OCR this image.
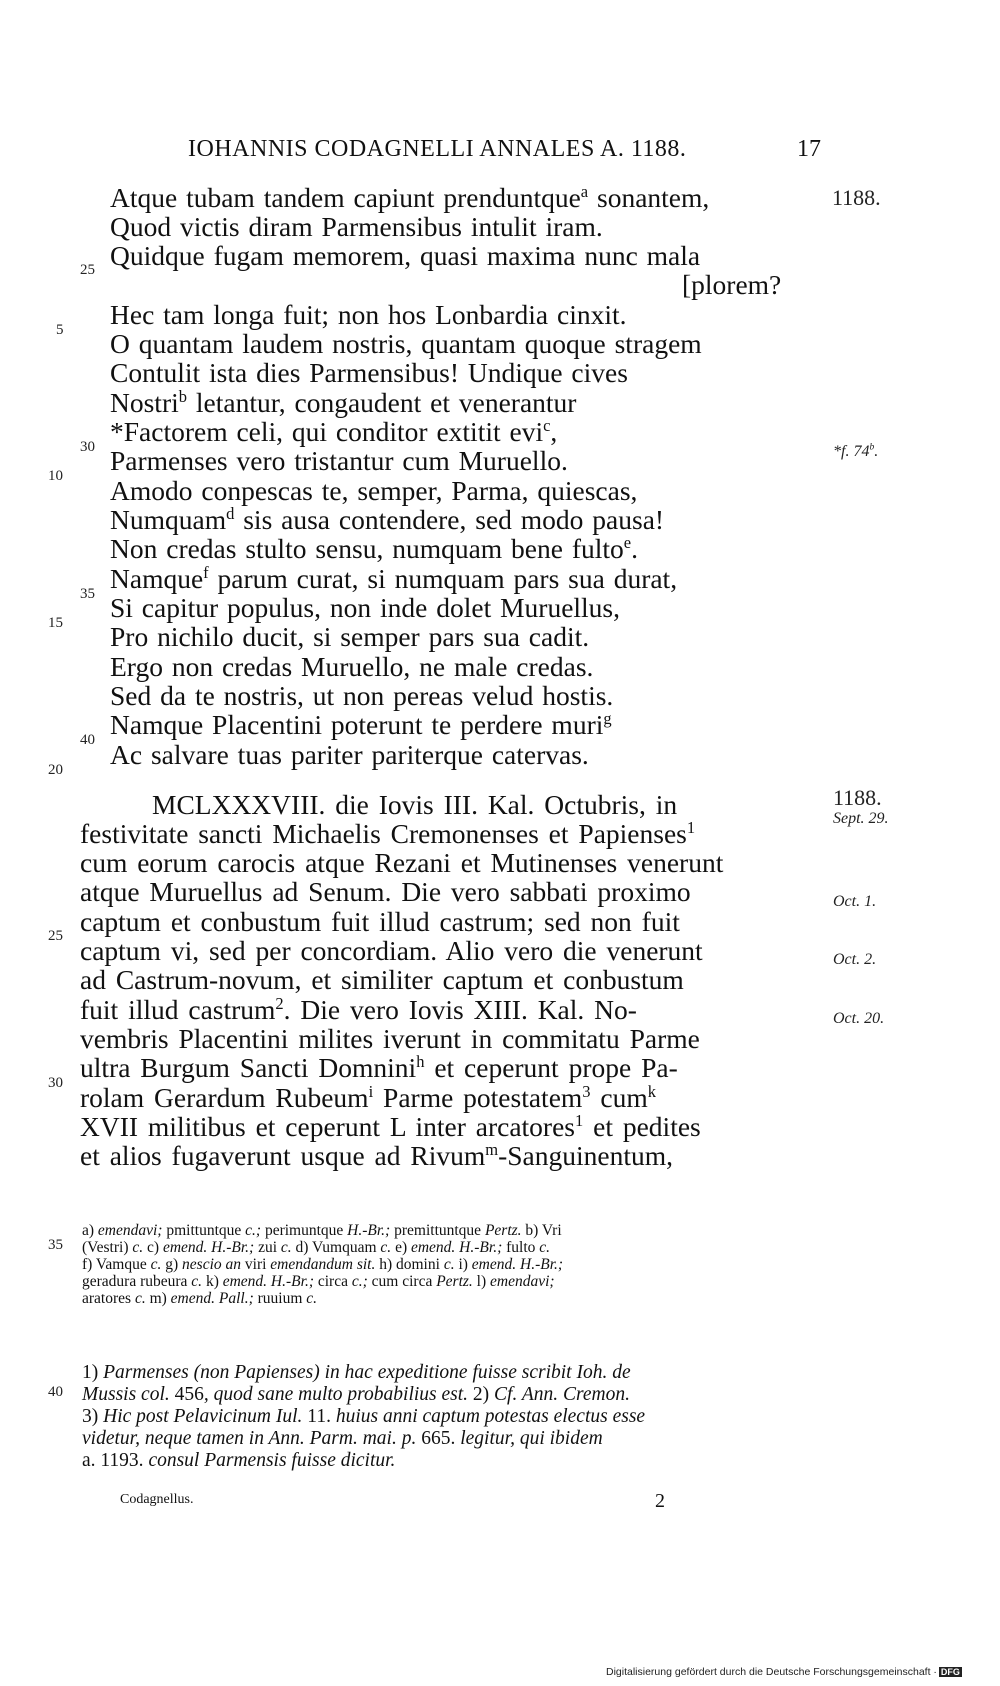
IOHANNIS CODAGNELLI ANNALES A. 1188.	17
Atque tubam tandem capiunt prenduntque$^a$ sonantem,
Quod victis diram Parmensibus intulit iram.
Quidque fugam memorem, quasi maxima nunc mala
[plorem?
Hec tam longa fuit; non hos Lonbardia cinxit.
O quantam laudem nostris, quantam quoque stragem
Contulit ista dies Parmensibus! Undique cives
Nostri$^b$ letantur, congaudent et venerantur
*Factorem celi, qui conditor extitit evi$^c$,
Parmenses vero tristantur cum Muruello.
Amodo conpescas te, semper, Parma, quiescas,
Numquam$^d$ sis ausa contendere, sed modo pausa!
Non credas stulto sensu, numquam bene fulto$^e$.
Namque$^f$ parum curat, si numquam pars sua durat,
Si capitur populus, non inde dolet Muruellus,
Pro nichilo ducit, si semper pars sua cadit.
Ergo non credas Muruello, ne male credas.
Sed da te nostris, ut non pereas velud hostis.
Namque Placentini poterunt te perdere muri$^g$
Ac salvare tuas pariter pariterque catervas.
MCLXXXVIII. die Iovis III. Kal. Octubris, in
festivitate sancti Michaelis Cremonenses et Papienses$^1$
cum eorum carocis atque Rezani et Mutinenses venerunt
atque Muruellus ad Senum. Die vero sabbati proximo
captum et conbustum fuit illud castrum; sed non fuit
captum vi, sed per concordiam. Alio vero die venerunt
ad Castrum-novum, et similiter captum et conbustum
fuit illud castrum$^2$. Die vero Iovis XIII. Kal. No-
vembris Placentini milites iverunt in commitatu Parme
ultra Burgum Sancti Domnini$^h$ et ceperunt prope Pa-
rolam Gerardum Rubeum$^i$ Parme potestatem$^3$ cum$^k$
XVII militibus et ceperunt L inter arcatores$^1$ et pedites
et alios fugaverunt usque ad Rivum$^m$-Sanguinentum,
25
5
30
10
35
15
40
20
25
30
35
40
1188.
*f. 74$^b$.
1188.
Sept. 29.
Oct. 1.
Oct. 2.
Oct. 20.
a) emendavi; pmittuntque c.; perimuntque H.-Br.; premittuntque Pertz. b) Vri
(Vestri) c. c) emend. H.-Br.; zui c. d) Vumquam c. e) emend. H.-Br.; fulto c.
f) Vamque c. g) nescio an viri emendandum sit. h) domini c. i) emend. H.-Br.;
geradura rubeura c. k) emend. H.-Br.; circa c.; cum circa Pertz. l) emendavi;
aratores c. m) emend. Pall.; ruuium c.
1) Parmenses (non Papienses) in hac expeditione fuisse scribit Ioh. de
Mussis col. 456, quod sane multo probabilius est. 2) Cf. Ann. Cremon.
3) Hic post Pelavicinum Iul. 11. huius anni captum potestas electus esse
videtur, neque tamen in Ann. Parm. mai. p. 665. legitur, qui ibidem
a. 1193. consul Parmensis fuisse dicitur.
Codagnellus.	2
Digitalisierung gefördert durch die Deutsche Forschungsgemeinschaft · DFG
